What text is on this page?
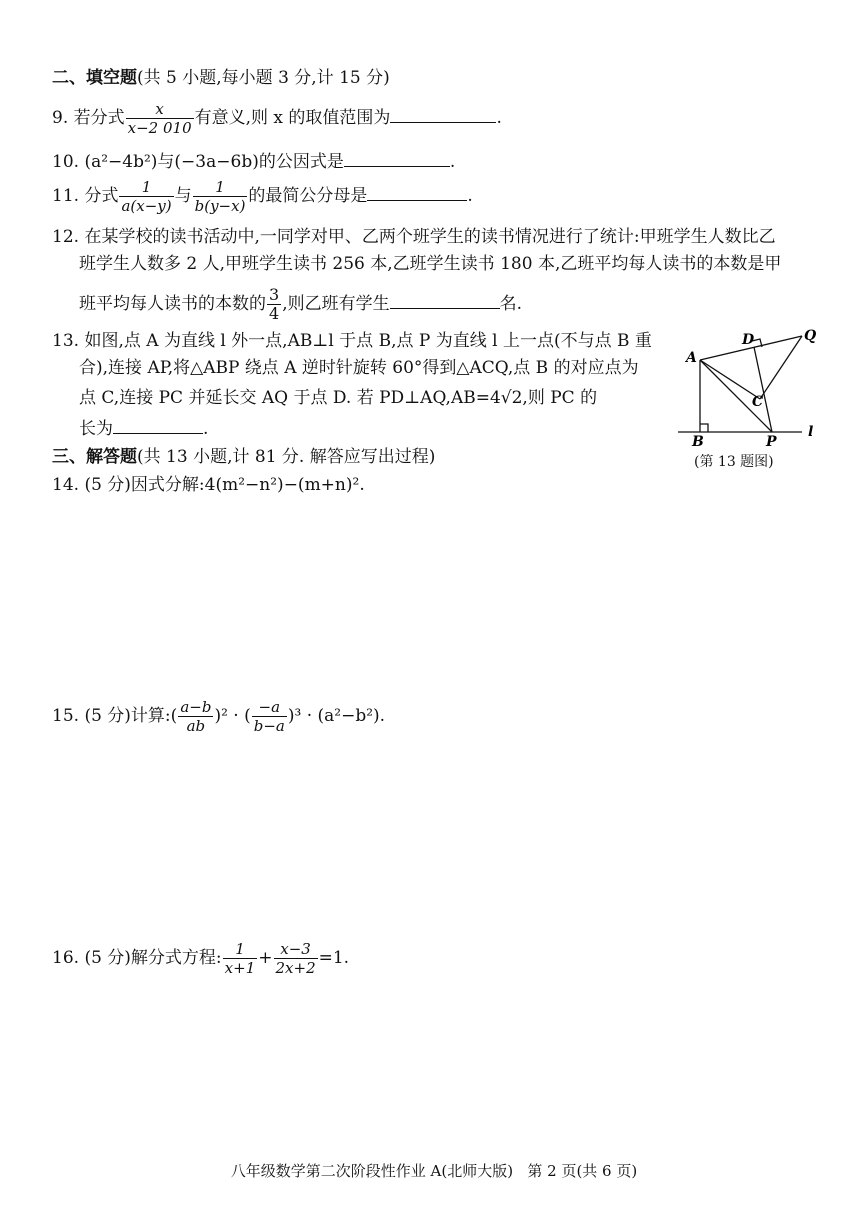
二、填空题(共 5 小题,每小题 3 分,计 15 分)
9. 若分式 $\frac{x}{x-2 010}$ 有意义,则 x 的取值范围为	.
10. (a²−4b²)与(−3a−6b)的公因式是	.
11. 分式 $\frac{1}{a(x-y)}$ 与 $\frac{1}{b(y-x)}$ 的最简公分母是	.
12. 在某学校的读书活动中,一同学对甲、乙两个班学生的读书情况进行了统计:甲班学生人数比乙
班学生人数多 2 人,甲班学生读书 256 本,乙班学生读书 180 本,乙班平均每人读书的本数是甲
班平均每人读书的本数的 $\frac{3}{4}$ ,则乙班有学生	名.
13. 如图,点 A 为直线 l 外一点,AB⊥l 于点 B,点 P 为直线 l 上一点(不与点 B 重
合),连接 AP,将△ABP 绕点 A 逆时针旋转 60°得到△ACQ,点 B 的对应点为
点 C,连接 PC 并延长交 AQ 于点 D. 若 PD⊥AQ,AB=4√2,则 PC 的
长为	.
A
B
C
D
P
Q
l
(第 13 题图)
三、解答题(共 13 小题,计 81 分. 解答应写出过程)
14. (5 分)因式分解:4(m²−n²)−(m+n)².
15. (5 分)计算:( $\frac{a-b}{ab} )^2$ · ( $\frac{-a}{b-a} )^3 \cdot (a^2-b^2)$.
16. (5 分)解分式方程: $\frac{1}{x+1} + \frac{x-3}{2x+2} =1$.
八年级数学第二次阶段性作业 A(北师大版)   第 2 页(共 6 页)
